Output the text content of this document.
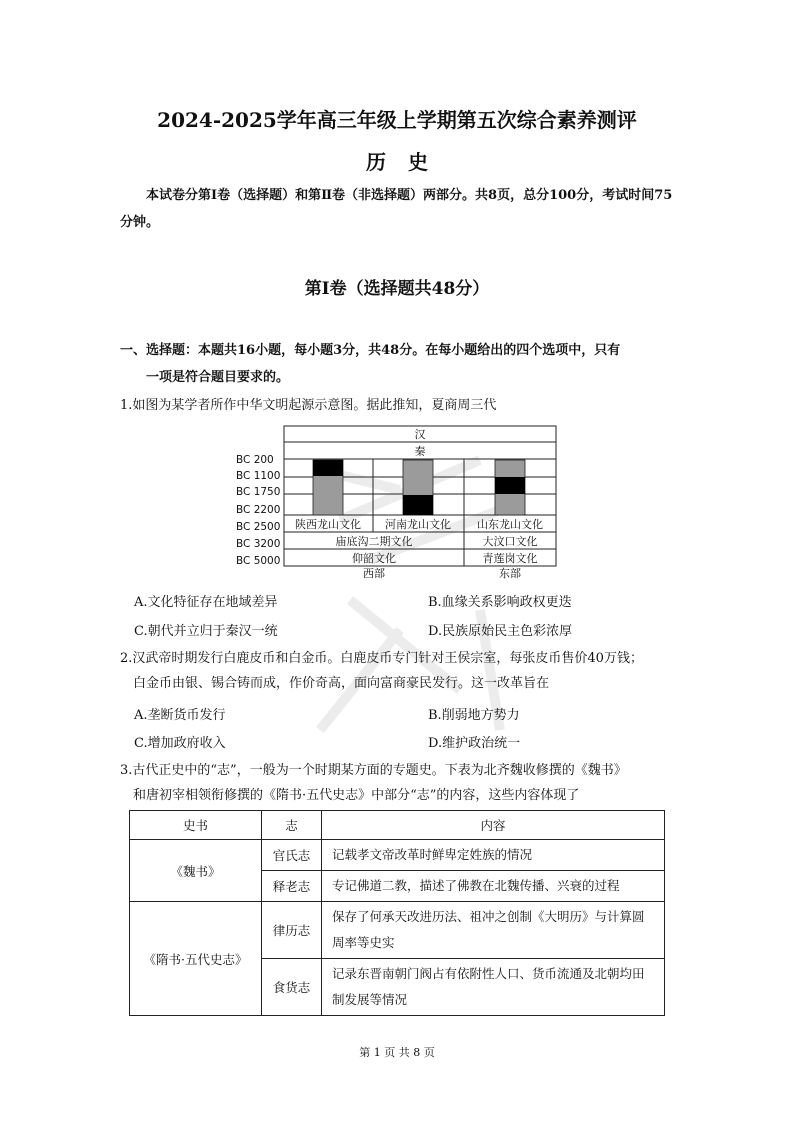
2024-2025学年高三年级上学期第五次综合素养测评
历史
本试卷分第Ⅰ卷（选择题）和第Ⅱ卷（非选择题）两部分。共8页，总分100分，考试时间75分钟。
第Ⅰ卷（选择题共48分）
一、选择题：本题共16小题，每小题3分，共48分。在每小题给出的四个选项中，只有
一项是符合题目要求的。
1.如图为某学者所作中华文明起源示意图。据此推知，夏商周三代
BC 200
BC 1100
BC 1750
BC 2200
BC 2500
BC 3200
BC 5000
汉
秦
陕西龙山文化 河南龙山文化 山东龙山文化
庙底沟二期文化	大汶口文化
仰韶文化	青莲岗文化
西部	东部
A.文化特征存在地域差异	B.血缘关系影响政权更迭
C.朝代并立归于秦汉一统	D.民族原始民主色彩浓厚
2.汉武帝时期发行白鹿皮币和白金币。白鹿皮币专门针对王侯宗室，每张皮币售价40万钱；
白金币由银、锡合铸而成，作价奇高，面向富商豪民发行。这一改革旨在
A.垄断货币发行	B.削弱地方势力
C.增加政府收入	D.维护政治统一
3.古代正史中的“志”，一般为一个时期某方面的专题史。下表为北齐魏收修撰的《魏书》
和唐初宰相领衔修撰的《隋书·五代史志》中部分“志”的内容，这些内容体现了
史书	志	内容
《魏书》	官氏志	记载孝文帝改革时鲜卑定姓族的情况
	释老志	专记佛道二教，描述了佛教在北魏传播、兴衰的过程
《隋书·五代史志》	律历志	保存了何承天改进历法、祖冲之创制《大明历》与计算圆周率等史实
	食货志	记录东晋南朝门阀占有依附性人口、货币流通及北朝均田制发展等情况
第 1 页 共 8 页
